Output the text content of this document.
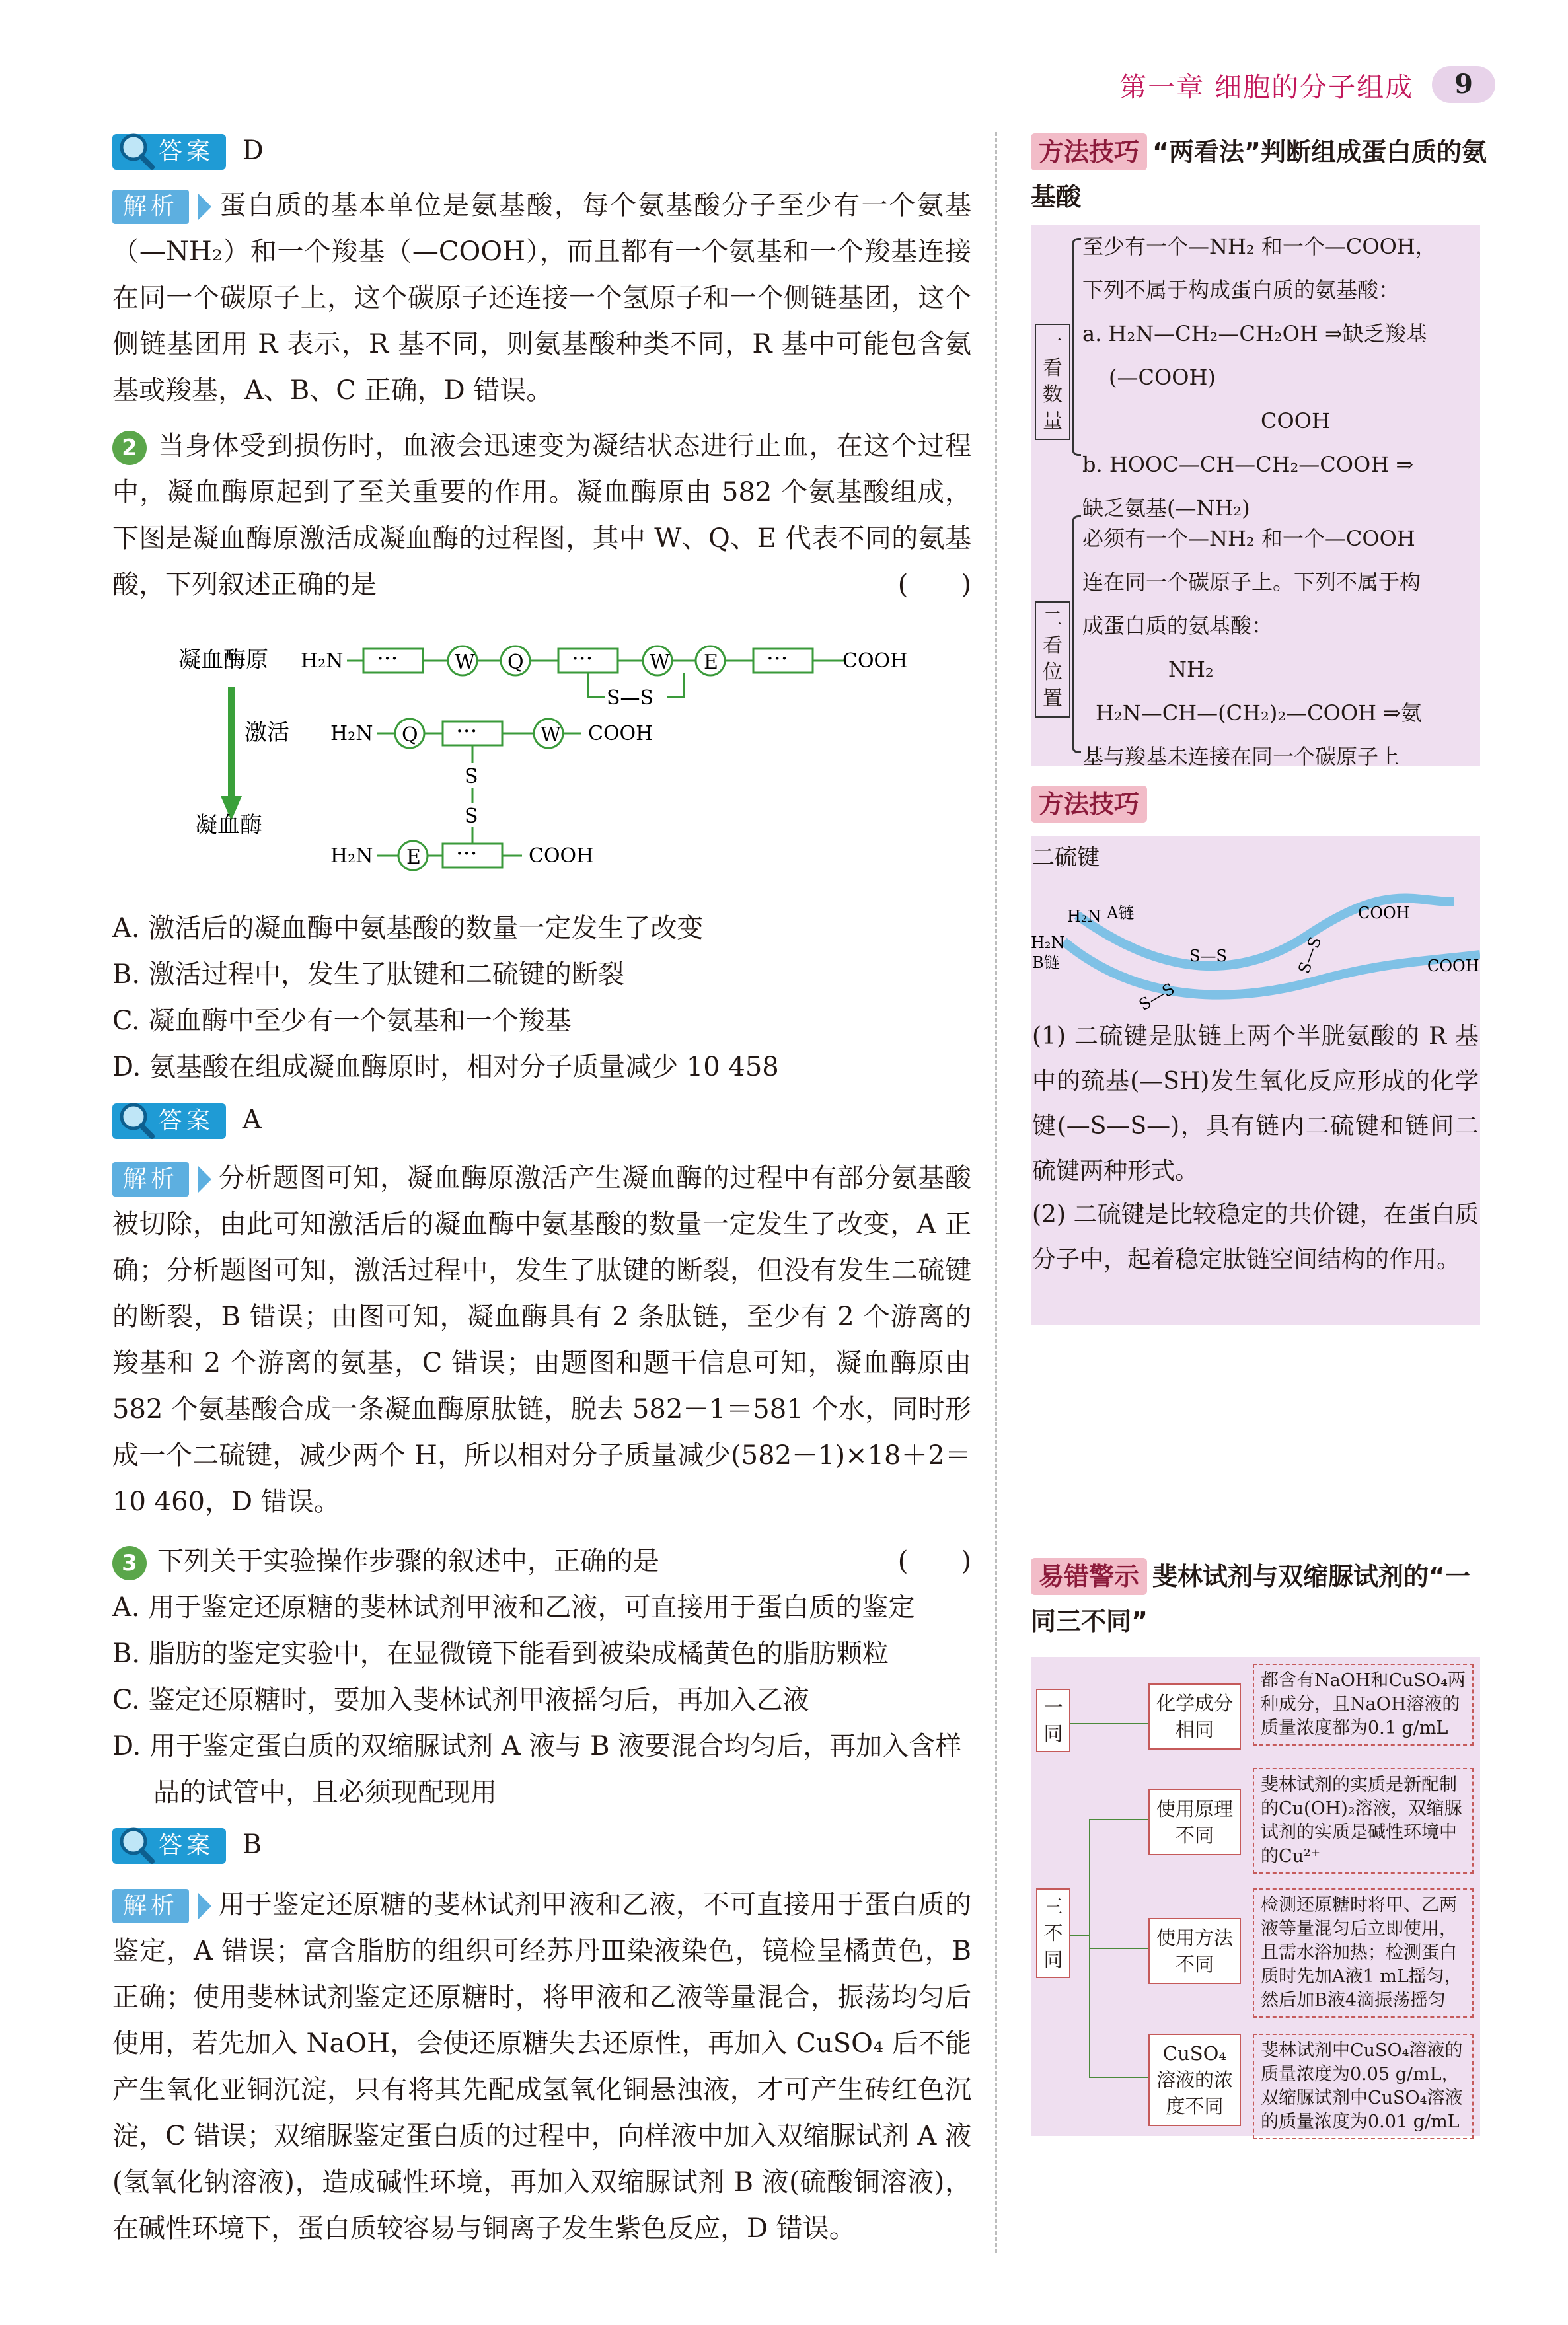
第一章 细胞的分子组成	9
答案 D
解析 蛋白质的基本单位是氨基酸，每个氨基酸分子至少有一个氨基（—NH₂）和一个羧基（—COOH），而且都有一个氨基和一个羧基连接在同一个碳原子上，这个碳原子还连接一个氢原子和一个侧链基团，这个侧链基团用 R 表示，R 基不同，则氨基酸种类不同，R 基中可能包含氨基或羧基，A、B、C 正确，D 错误。
2 当身体受到损伤时，血液会迅速变为凝结状态进行止血，在这个过程中，凝血酶原起到了至关重要的作用。凝血酶原由 582 个氨基酸组成，下图是凝血酶原激活成凝血酶的过程图，其中 W、Q、E 代表不同的氨基酸，下列叙述正确的是	(　　)
凝血酶原 H₂N ···	W Q ···	W E ···	COOH
S—S
激活
凝血酶
H₂N Q ···	W COOH
S
S
H₂N E ···	COOH
A. 激活后的凝血酶中氨基酸的数量一定发生了改变
B. 激活过程中，发生了肽键和二硫键的断裂
C. 凝血酶中至少有一个氨基和一个羧基
D. 氨基酸在组成凝血酶原时，相对分子质量减少 10 458
答案 A
解析 分析题图可知，凝血酶原激活产生凝血酶的过程中有部分氨基酸被切除，由此可知激活后的凝血酶中氨基酸的数量一定发生了改变，A 正确；分析题图可知，激活过程中，发生了肽键的断裂，但没有发生二硫键的断裂，B 错误；由图可知，凝血酶具有 2 条肽链，至少有 2 个游离的羧基和 2 个游离的氨基，C 错误；由题图和题干信息可知，凝血酶原由 582 个氨基酸合成一条凝血酶原肽链，脱去 582－1＝581 个水，同时形成一个二硫键，减少两个 H，所以相对分子质量减少(582－1)×18＋2＝10 460，D 错误。
3 下列关于实验操作步骤的叙述中，正确的是	(　　)
A. 用于鉴定还原糖的斐林试剂甲液和乙液，可直接用于蛋白质的鉴定
B. 脂肪的鉴定实验中，在显微镜下能看到被染成橘黄色的脂肪颗粒
C. 鉴定还原糖时，要加入斐林试剂甲液摇匀后，再加入乙液
D. 用于鉴定蛋白质的双缩脲试剂 A 液与 B 液要混合均匀后，再加入含样品的试管中，且必须现配现用
答案 B
解析 用于鉴定还原糖的斐林试剂甲液和乙液，不可直接用于蛋白质的鉴定，A 错误；富含脂肪的组织可经苏丹Ⅲ染液染色，镜检呈橘黄色，B 正确；使用斐林试剂鉴定还原糖时，将甲液和乙液等量混合，振荡均匀后使用，若先加入 NaOH，会使还原糖失去还原性，再加入 CuSO₄ 后不能产生氧化亚铜沉淀，只有将其先配成氢氧化铜悬浊液，才可产生砖红色沉淀，C 错误；双缩脲鉴定蛋白质的过程中，向样液中加入双缩脲试剂 A 液(氢氧化钠溶液)，造成碱性环境，再加入双缩脲试剂 B 液(硫酸铜溶液)，在碱性环境下，蛋白质较容易与铜离子发生紫色反应，D 错误。
方法技巧 “两看法”判断组成蛋白质的氨基酸
一看数量
至少有一个—NH₂ 和一个—COOH，
下列不属于构成蛋白质的氨基酸：
a. H₂N—CH₂—CH₂OH ⇒缺乏羧基
(—COOH)
COOH
b. HOOC—CH—CH₂—COOH ⇒
缺乏氨基(—NH₂)
二看位置
必须有一个—NH₂ 和一个—COOH
连在同一个碳原子上。下列不属于构
成蛋白质的氨基酸：
NH₂
H₂N—CH—(CH₂)₂—COOH ⇒氨
基与羧基未连接在同一个碳原子上
方法技巧
二硫键
H₂N A链
H₂N
B链
COOH
COOH
S—S
S—S
S—S
(1) 二硫键是肽链上两个半胱氨酸的 R 基中的巯基(—SH)发生氧化反应形成的化学键(—S—S—)，具有链内二硫键和链间二硫键两种形式。
(2) 二硫键是比较稳定的共价键，在蛋白质分子中，起着稳定肽链空间结构的作用。
易错警示 斐林试剂与双缩脲试剂的“一同三不同”
一同
三不同
化学成分相同
都含有NaOH和CuSO₄两种成分，且NaOH溶液的质量浓度都为0.1 g/mL
使用原理不同
斐林试剂的实质是新配制的Cu(OH)₂溶液，双缩脲试剂的实质是碱性环境中的Cu²⁺
使用方法不同
检测还原糖时将甲、乙两液等量混匀后立即使用，且需水浴加热；检测蛋白质时先加A液1 mL摇匀，然后加B液4滴振荡摇匀
CuSO₄溶液的浓度不同
斐林试剂中CuSO₄溶液的质量浓度为0.05 g/mL，双缩脲试剂中CuSO₄溶液的质量浓度为0.01 g/mL
